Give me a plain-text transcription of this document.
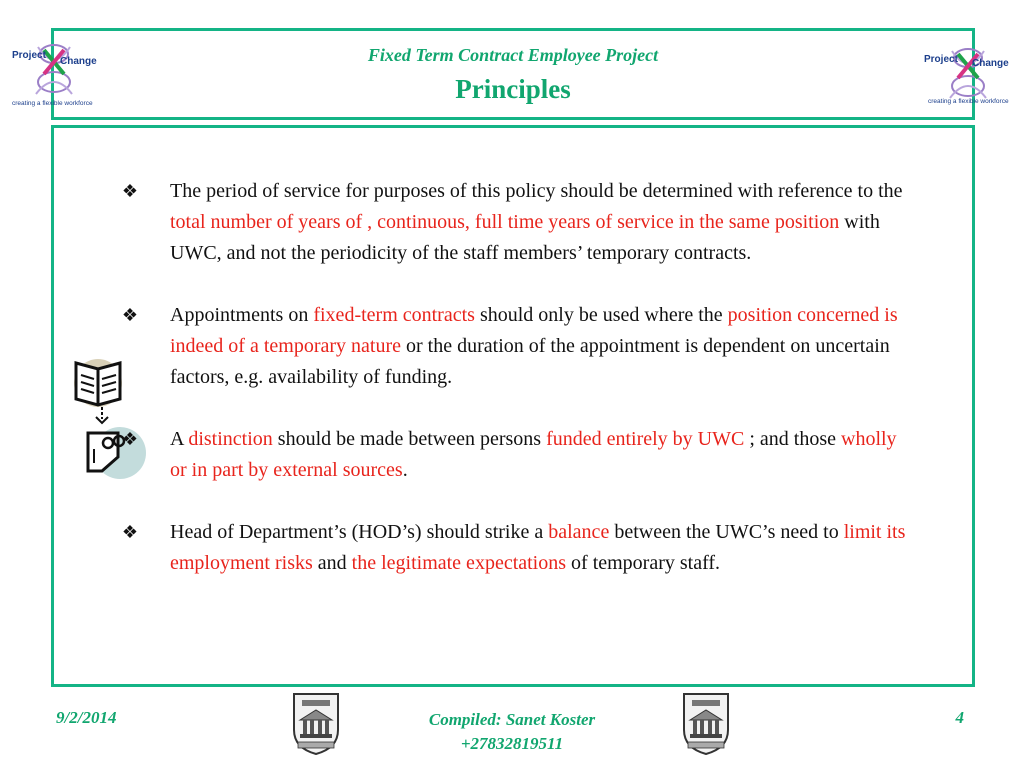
Fixed Term Contract Employee Project
Principles
Project
Change
creating a flexible workforce
Project Change
creating a flexible workforce
❖ The period of service for purposes of this policy should be determined with reference to the total number of years of , continuous, full time years of service in the same position with UWC, and not the periodicity of the staff members’ temporary contracts.
❖ Appointments on fixed-term contracts should only be used where the position concerned is indeed of a temporary nature or the duration of the appointment is dependent on uncertain factors, e.g. availability of funding.
❖ A distinction should be made between persons funded entirely by UWC ; and those wholly or in part by external sources.
❖ Head of Department’s (HOD’s) should strike a balance between the UWC’s need to limit its employment risks and the legitimate expectations of temporary staff.
9/2/2014	Compiled: Sanet Koster
+27832819511
4
